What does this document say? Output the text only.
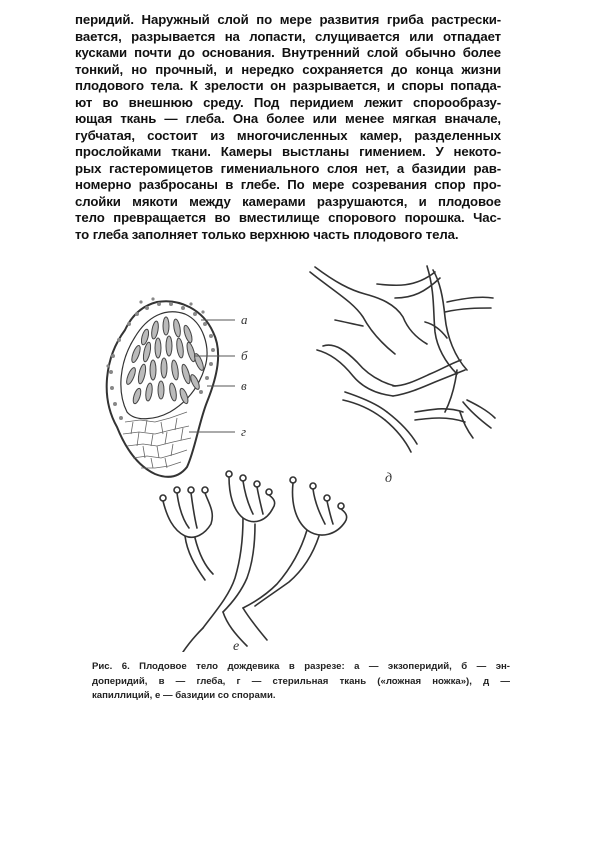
перидий. Наружный слой по мере развития гриба растрески-
вается, разрывается на лопасти, слущивается или отпадает
кусками почти до основания. Внутренний слой обычно более
тонкий, но прочный, и нередко сохраняется до конца жизни
плодового тела. К зрелости он разрывается, и споры попада-
ют во внешнюю среду. Под перидием лежит спорообразу-
ющая ткань — глеба. Она более или менее мягкая вначале,
губчатая, состоит из многочисленных камер, разделенных
прослойками ткани. Камеры выстланы гимением. У некото-
рых гастеромицетов гимениального слоя нет, а базидии рав-
номерно разбросаны в глебе. По мере созревания спор про-
слойки мякоти между камерами разрушаются, и плодовое
тело превращается во вместилище спорового порошка. Час-
то глеба заполняет только верхнюю часть плодового тела.
а
б
в
г
д
е
Рис. 6. Плодовое тело дождевика в разрезе: а — экзоперидий, б — эн-
доперидий, в — глеба, г — стерильная ткань («ложная ножка»), д —
капиллиций, е — базидии со спорами.
